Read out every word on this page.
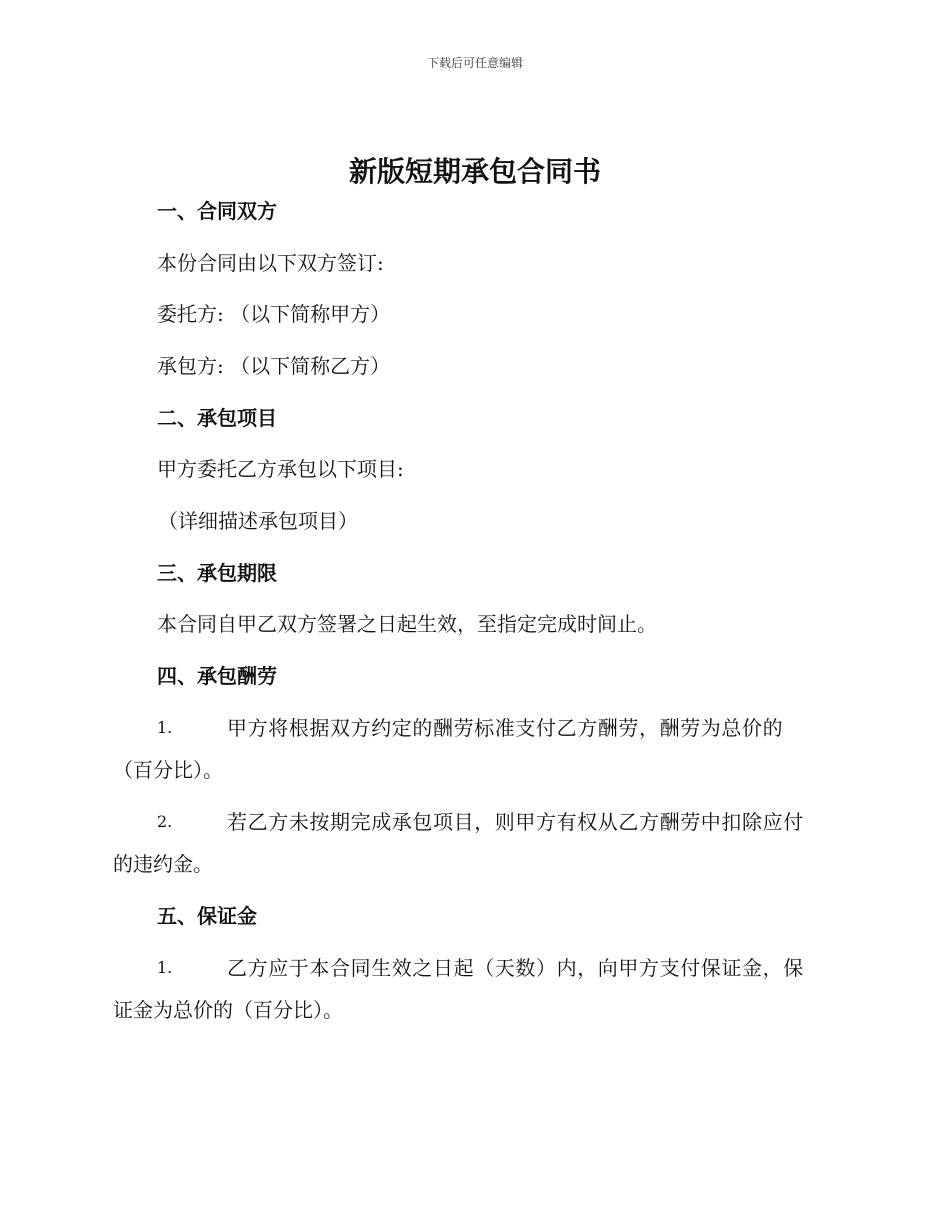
下载后可任意编辑
新版短期承包合同书
一、合同双方
本份合同由以下双方签订:
委托方: （以下简称甲方）
承包方: （以下简称乙方）
二、承包项目
甲方委托乙方承包以下项目:
（详细描述承包项目）
三、承包期限
本合同自甲乙双方签署之日起生效，至指定完成时间止。
四、承包酬劳
1.	甲方将根据双方约定的酬劳标准支付乙方酬劳，酬劳为总价的
（百分比）。
2.	若乙方未按期完成承包项目，则甲方有权从乙方酬劳中扣除应付
的违约金。
五、保证金
1.	乙方应于本合同生效之日起（天数）内，向甲方支付保证金，保
证金为总价的（百分比）。
